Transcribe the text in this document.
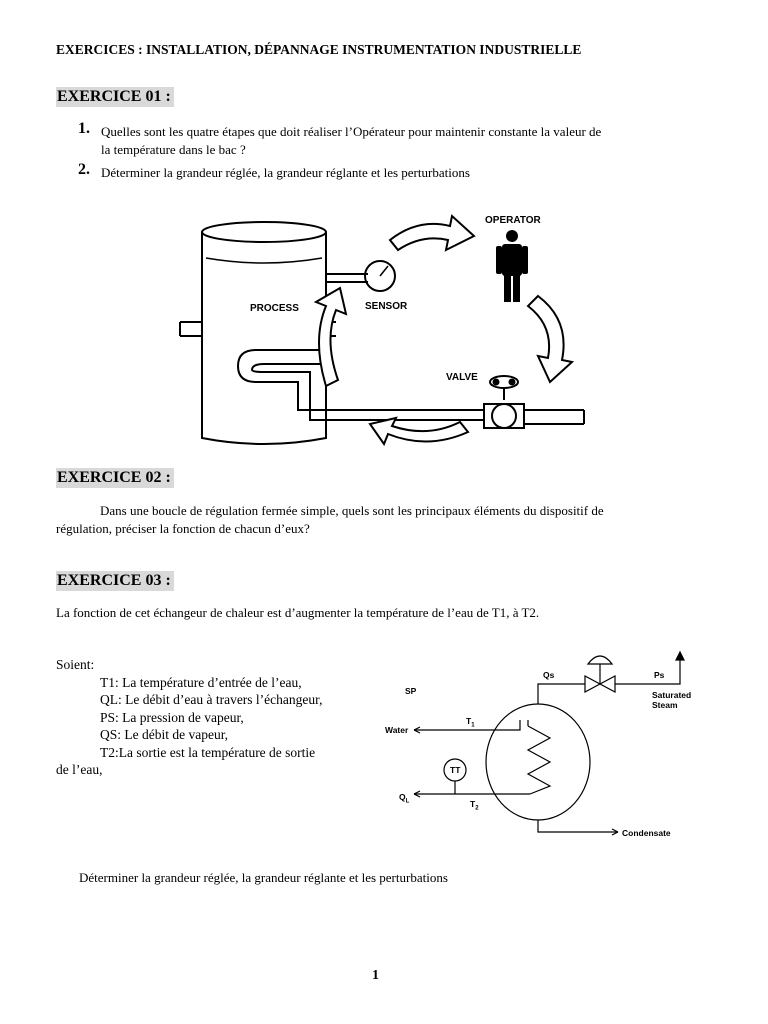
EXERCICES : INSTALLATION, DÉPANNAGE INSTRUMENTATION INDUSTRIELLE
EXERCICE 01 :
1. Quelles sont les quatre étapes que doit réaliser l’Opérateur pour maintenir constante la valeur de
la température dans le bac ?
2. Déterminer la grandeur réglée, la grandeur réglante et les perturbations
OPERATOR
PROCESS	SENSOR
VALVE
EXERCICE 02 :
Dans une boucle de régulation fermée simple, quels sont les principaux éléments du dispositif de
régulation, préciser la fonction de chacun d’eux?
EXERCICE 03 :
La fonction de cet échangeur de chaleur est d’augmenter la température de l’eau de T1, à T2.
Soient:
T1: La température d’entrée de l’eau,
QL: Le débit d’eau à travers l’échangeur,
PS: La pression de vapeur,
QS: Le débit de vapeur,
T2:La sortie est la température de sortie
de l’eau,
SP
Qs	Ps
Saturated
Steam
Water
$T_1$
TT
$Q_L$	$T_2$
Condensate
Déterminer la grandeur réglée, la grandeur réglante et les perturbations
1
